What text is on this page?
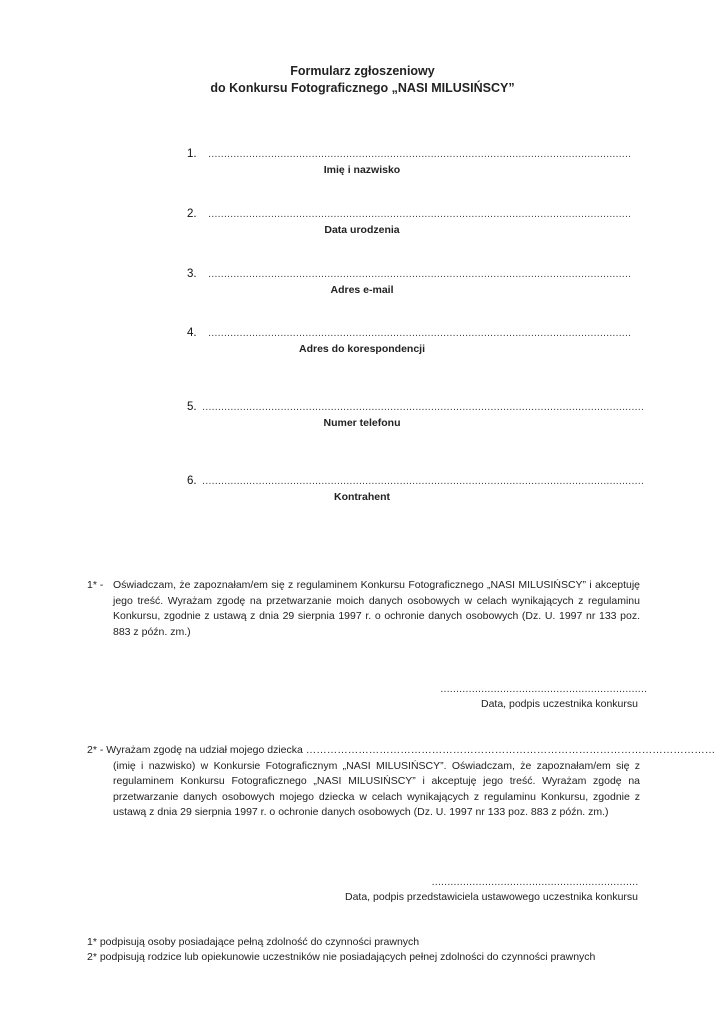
Formularz zgłoszeniowy
do Konkursu Fotograficznego „NASI MILUSIŃSCY”
1. ………………………………………………………………………………………………………………………
Imię i nazwisko
2. ………………………………………………………………………………………………………………………
Data urodzenia
3. ………………………………………………………………………………………………………………………
Adres e-mail
4. ………………………………………………………………………………………………………………………
Adres do korespondencji
5. ……………………………………………………………………………………………………………………………
Numer telefonu
6. ……………………………………………………………………………………………………………………………
Kontrahent
1* - Oświadczam, że zapoznałam/em się z regulaminem Konkursu Fotograficznego „NASI MILUSIŃSCY” i akceptuję jego treść. Wyrażam zgodę na przetwarzanie moich danych osobowych w celach wynikających z regulaminu Konkursu, zgodnie z ustawą z dnia 29 sierpnia 1997 r. o ochronie danych osobowych (Dz. U. 1997 nr 133 poz. 883 z późn. zm.)
…………………………………………………………
Data, podpis uczestnika konkursu
2* - Wyrażam zgodę na udział mojego dziecka ………………………………………………………………………………………………………
(imię i nazwisko) w Konkursie Fotograficznym „NASI MILUSIŃSCY”. Oświadczam, że zapoznałam/em się z regulaminem Konkursu Fotograficznego „NASI MILUSIŃSCY” i akceptuję jego treść. Wyrażam zgodę na przetwarzanie danych osobowych mojego dziecka w celach wynikających z regulaminu Konkursu, zgodnie z ustawą z dnia 29 sierpnia 1997 r. o ochronie danych osobowych (Dz. U. 1997 nr 133 poz. 883 z późn. zm.)
…………………………………………………………
Data, podpis przedstawiciela ustawowego uczestnika konkursu
1* podpisują osoby posiadające pełną zdolność do czynności prawnych
2* podpisują rodzice lub opiekunowie uczestników nie posiadających pełnej zdolności do czynności prawnych
